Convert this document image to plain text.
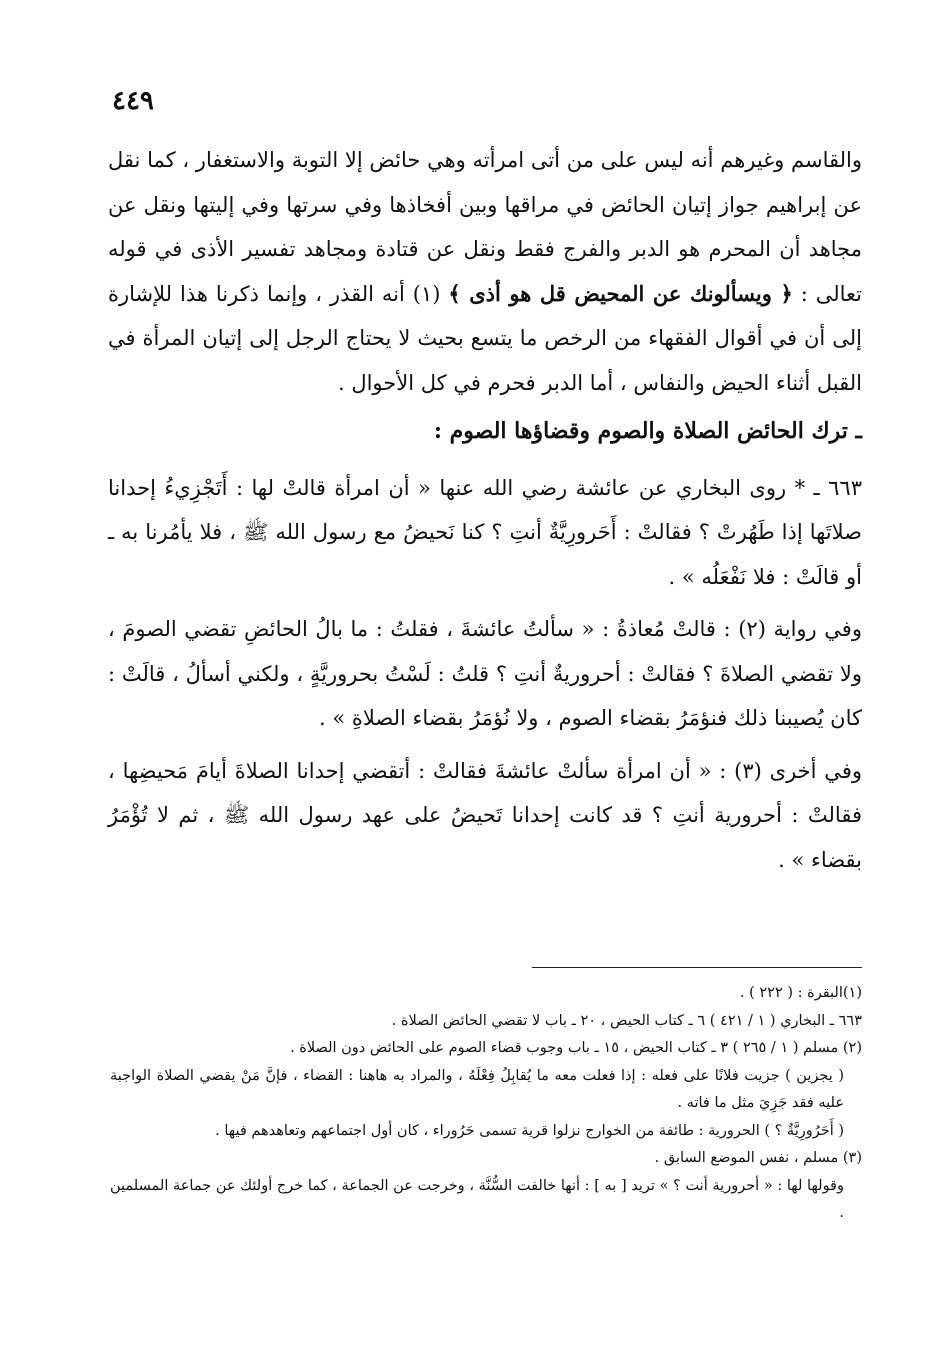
٤٤٩

والقاسم وغيرهم أنه ليس على من أتى امرأته وهي حائض إلا التوبة والاستغفار ، كما نقل عن إبراهيم جواز إتيان الحائض في مراقها وبين أفخاذها وفي سرتها وفي إليتها ونقل عن مجاهد أن المحرم هو الدبر والفرج فقط ونقل عن قتادة ومجاهد تفسير الأذى في قوله تعالى : ﴿ ويسألونك عن المحيض قل هو أذى ﴾ (١) أنه القذر ، وإنما ذكرنا هذا للإشارة إلى أن في أقوال الفقهاء من الرخص ما يتسع بحيث لا يحتاج الرجل إلى إتيان المرأة في القبل أثناء الحيض والنفاس ، أما الدبر فحرم في كل الأحوال .

ـ ترك الحائض الصلاة والصوم وقضاؤها الصوم :

٦٦٣ ـ * روى البخاري عن عائشة رضي الله عنها « أن امرأة قالتْ لها : أَتَجْزِيءُ إحدانا صلاتَها إذا طَهُرتْ ؟ فقالتْ : أَحَرورِيَّةٌ أنتِ ؟ كنا نَحيضُ مع رسول الله ﷺ ، فلا يأمُرنا به ـ أو قالَتْ : فلا نَفْعَلُه » .

وفي رواية (٢) : قالتْ مُعاذةُ : « سألتُ عائشةَ ، فقلتُ : ما بالُ الحائضِ تقضي الصومَ ، ولا تقضي الصلاةَ ؟ فقالتْ : أحروريةٌ أنتِ ؟ قلتُ : لَسْتُ بحروريَّةٍ ، ولكني أسألُ ، قالَتْ : كان يُصيبنا ذلك فنؤمَرُ بقضاء الصوم ، ولا نُؤمَرُ بقضاء الصلاةِ » .

وفي أخرى (٣) : « أن امرأة سألتْ عائشةَ فقالتْ : أتقضي إحدانا الصلاةَ أيامَ مَحيضِها ، فقالتْ : أحرورية أنتِ ؟ قد كانت إحدانا تَحيضُ على عهد رسول الله ﷺ ، ثم لا تُؤْمَرُ بقضاء » .

(١)البقرة : ( ٢٢٢ ) .
٦٦٣ ـ البخاري ( ١ / ٤٢١ ) ٦ ـ كتاب الحيض ، ٢٠ ـ باب لا تقضي الحائض الصلاة .
(٢) مسلم ( ١ / ٢٦٥ ) ٣ ـ كتاب الحيض ، ١٥ ـ باب وجوب قضاء الصوم على الحائض دون الصلاة .
( يجزين ) جزيت فلانًا على فعله : إذا فعلت معه ما يُقابِلُ فِعْلَهُ ، والمراد به هاهنا : القضاء ، فإنَّ مَنْ يقضي الصلاة الواجبة عليه فقد جَزِيَ مثل ما فاته .
( أَحَرُورِيَّةٌ ؟ ) الحرورية : طائفة من الخوارج نزلوا قرية تسمى حَرُوراء ، كان أول اجتماعهم وتعاهدهم فيها .
(٣) مسلم ، نفس الموضع السابق .
وقولها لها : « أحرورية أنت ؟ » تريد [ به ] : أنها خالفت السُّنَّة ، وخرجت عن الجماعة ، كما خرج أولئك عن جماعة المسلمين .
